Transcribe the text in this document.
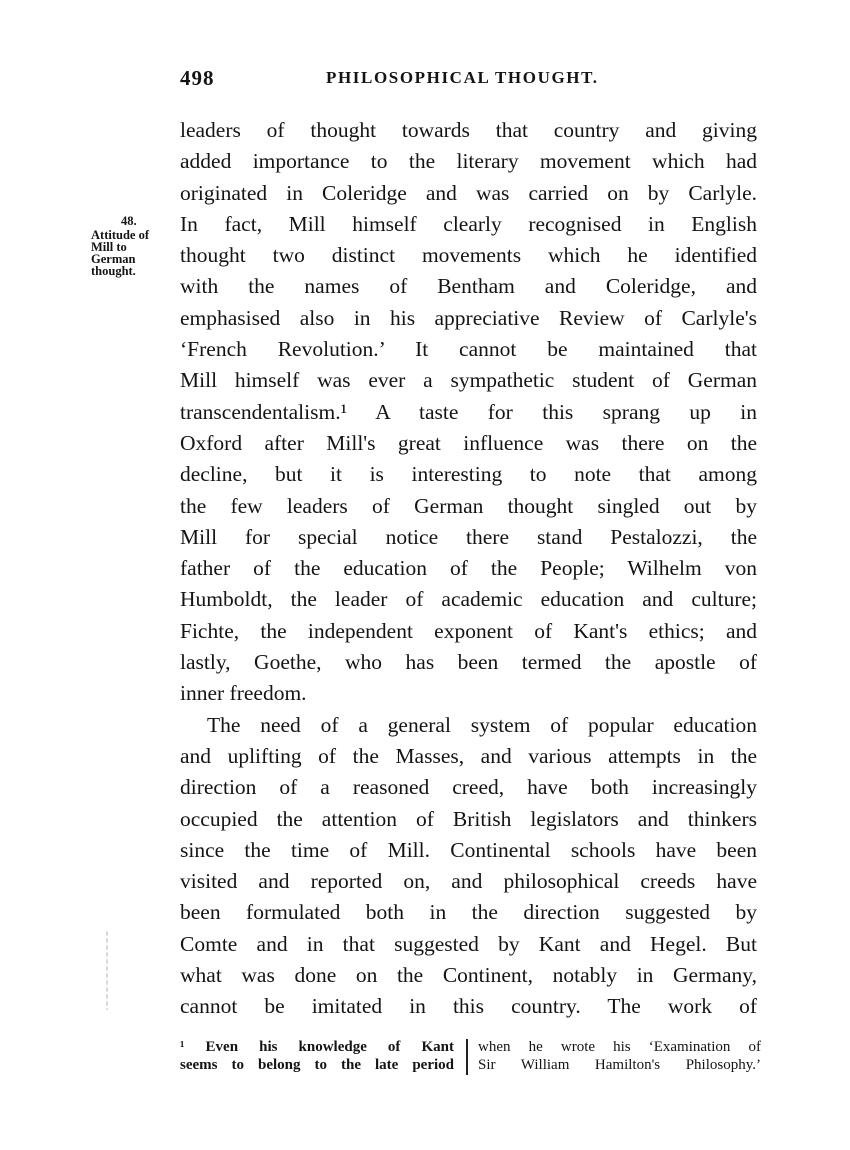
498	PHILOSOPHICAL THOUGHT.
48.
Attitude of
Mill to
German
thought.
leaders of thought towards that country and giving
added importance to the literary movement which had
originated in Coleridge and was carried on by Carlyle.
In fact, Mill himself clearly recognised in English
thought two distinct movements which he identified
with the names of Bentham and Coleridge, and
emphasised also in his appreciative Review of Carlyle's
‘French Revolution.’ It cannot be maintained that
Mill himself was ever a sympathetic student of German
transcendentalism.¹ A taste for this sprang up in
Oxford after Mill's great influence was there on the
decline, but it is interesting to note that among
the few leaders of German thought singled out by
Mill for special notice there stand Pestalozzi, the
father of the education of the People; Wilhelm von
Humboldt, the leader of academic education and culture;
Fichte, the independent exponent of Kant's ethics; and
lastly, Goethe, who has been termed the apostle of
inner freedom.
The need of a general system of popular education
and uplifting of the Masses, and various attempts in the
direction of a reasoned creed, have both increasingly
occupied the attention of British legislators and thinkers
since the time of Mill. Continental schools have been
visited and reported on, and philosophical creeds have
been formulated both in the direction suggested by
Comte and in that suggested by Kant and Hegel. But
what was done on the Continent, notably in Germany,
cannot be imitated in this country. The work of
¹ Even his knowledge of Kant
seems to belong to the late period
when he wrote his ‘Examination of
Sir William Hamilton's Philosophy.’
